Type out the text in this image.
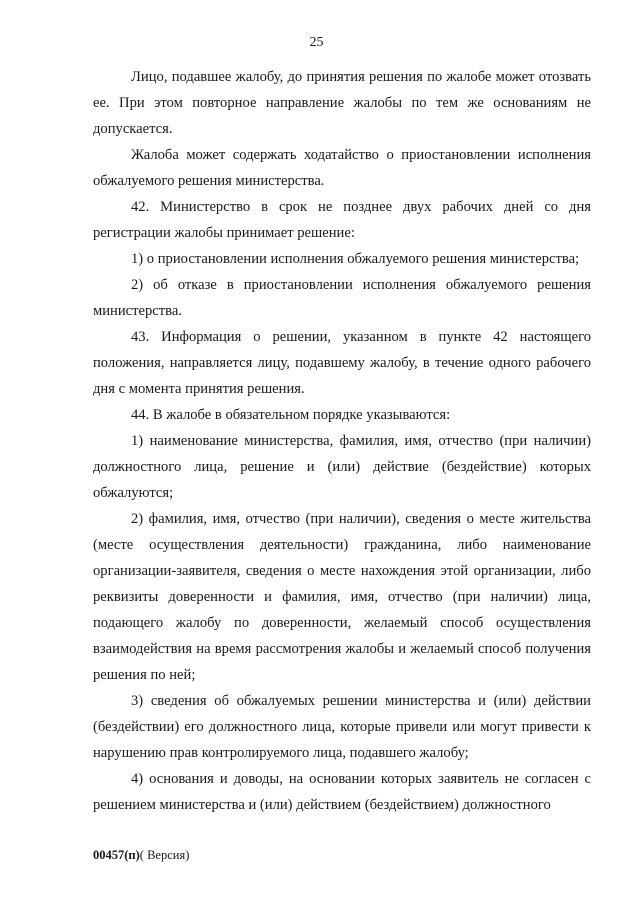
25

Лицо, подавшее жалобу, до принятия решения по жалобе может отозвать ее. При этом повторное направление жалобы по тем же основаниям не допускается.

Жалоба может содержать ходатайство о приостановлении исполнения обжалуемого решения министерства.

42. Министерство в срок не позднее двух рабочих дней со дня регистрации жалобы принимает решение:

1) о приостановлении исполнения обжалуемого решения министерства;

2) об отказе в приостановлении исполнения обжалуемого решения министерства.

43. Информация о решении, указанном в пункте 42 настоящего положения, направляется лицу, подавшему жалобу, в течение одного рабочего дня с момента принятия решения.

44. В жалобе в обязательном порядке указываются:

1) наименование министерства, фамилия, имя, отчество (при наличии) должностного лица, решение и (или) действие (бездействие) которых обжалуются;

2) фамилия, имя, отчество (при наличии), сведения о месте жительства (месте осуществления деятельности) гражданина, либо наименование организации-заявителя, сведения о месте нахождения этой организации, либо реквизиты доверенности и фамилия, имя, отчество (при наличии) лица, подающего жалобу по доверенности, желаемый способ осуществления взаимодействия на время рассмотрения жалобы и желаемый способ получения решения по ней;

3) сведения об обжалуемых решении министерства и (или) действии (бездействии) его должностного лица, которые привели или могут привести к нарушению прав контролируемого лица, подавшего жалобу;

4) основания и доводы, на основании которых заявитель не согласен с решением министерства и (или) действием (бездействием) должностного

00457(п)( Версия)
